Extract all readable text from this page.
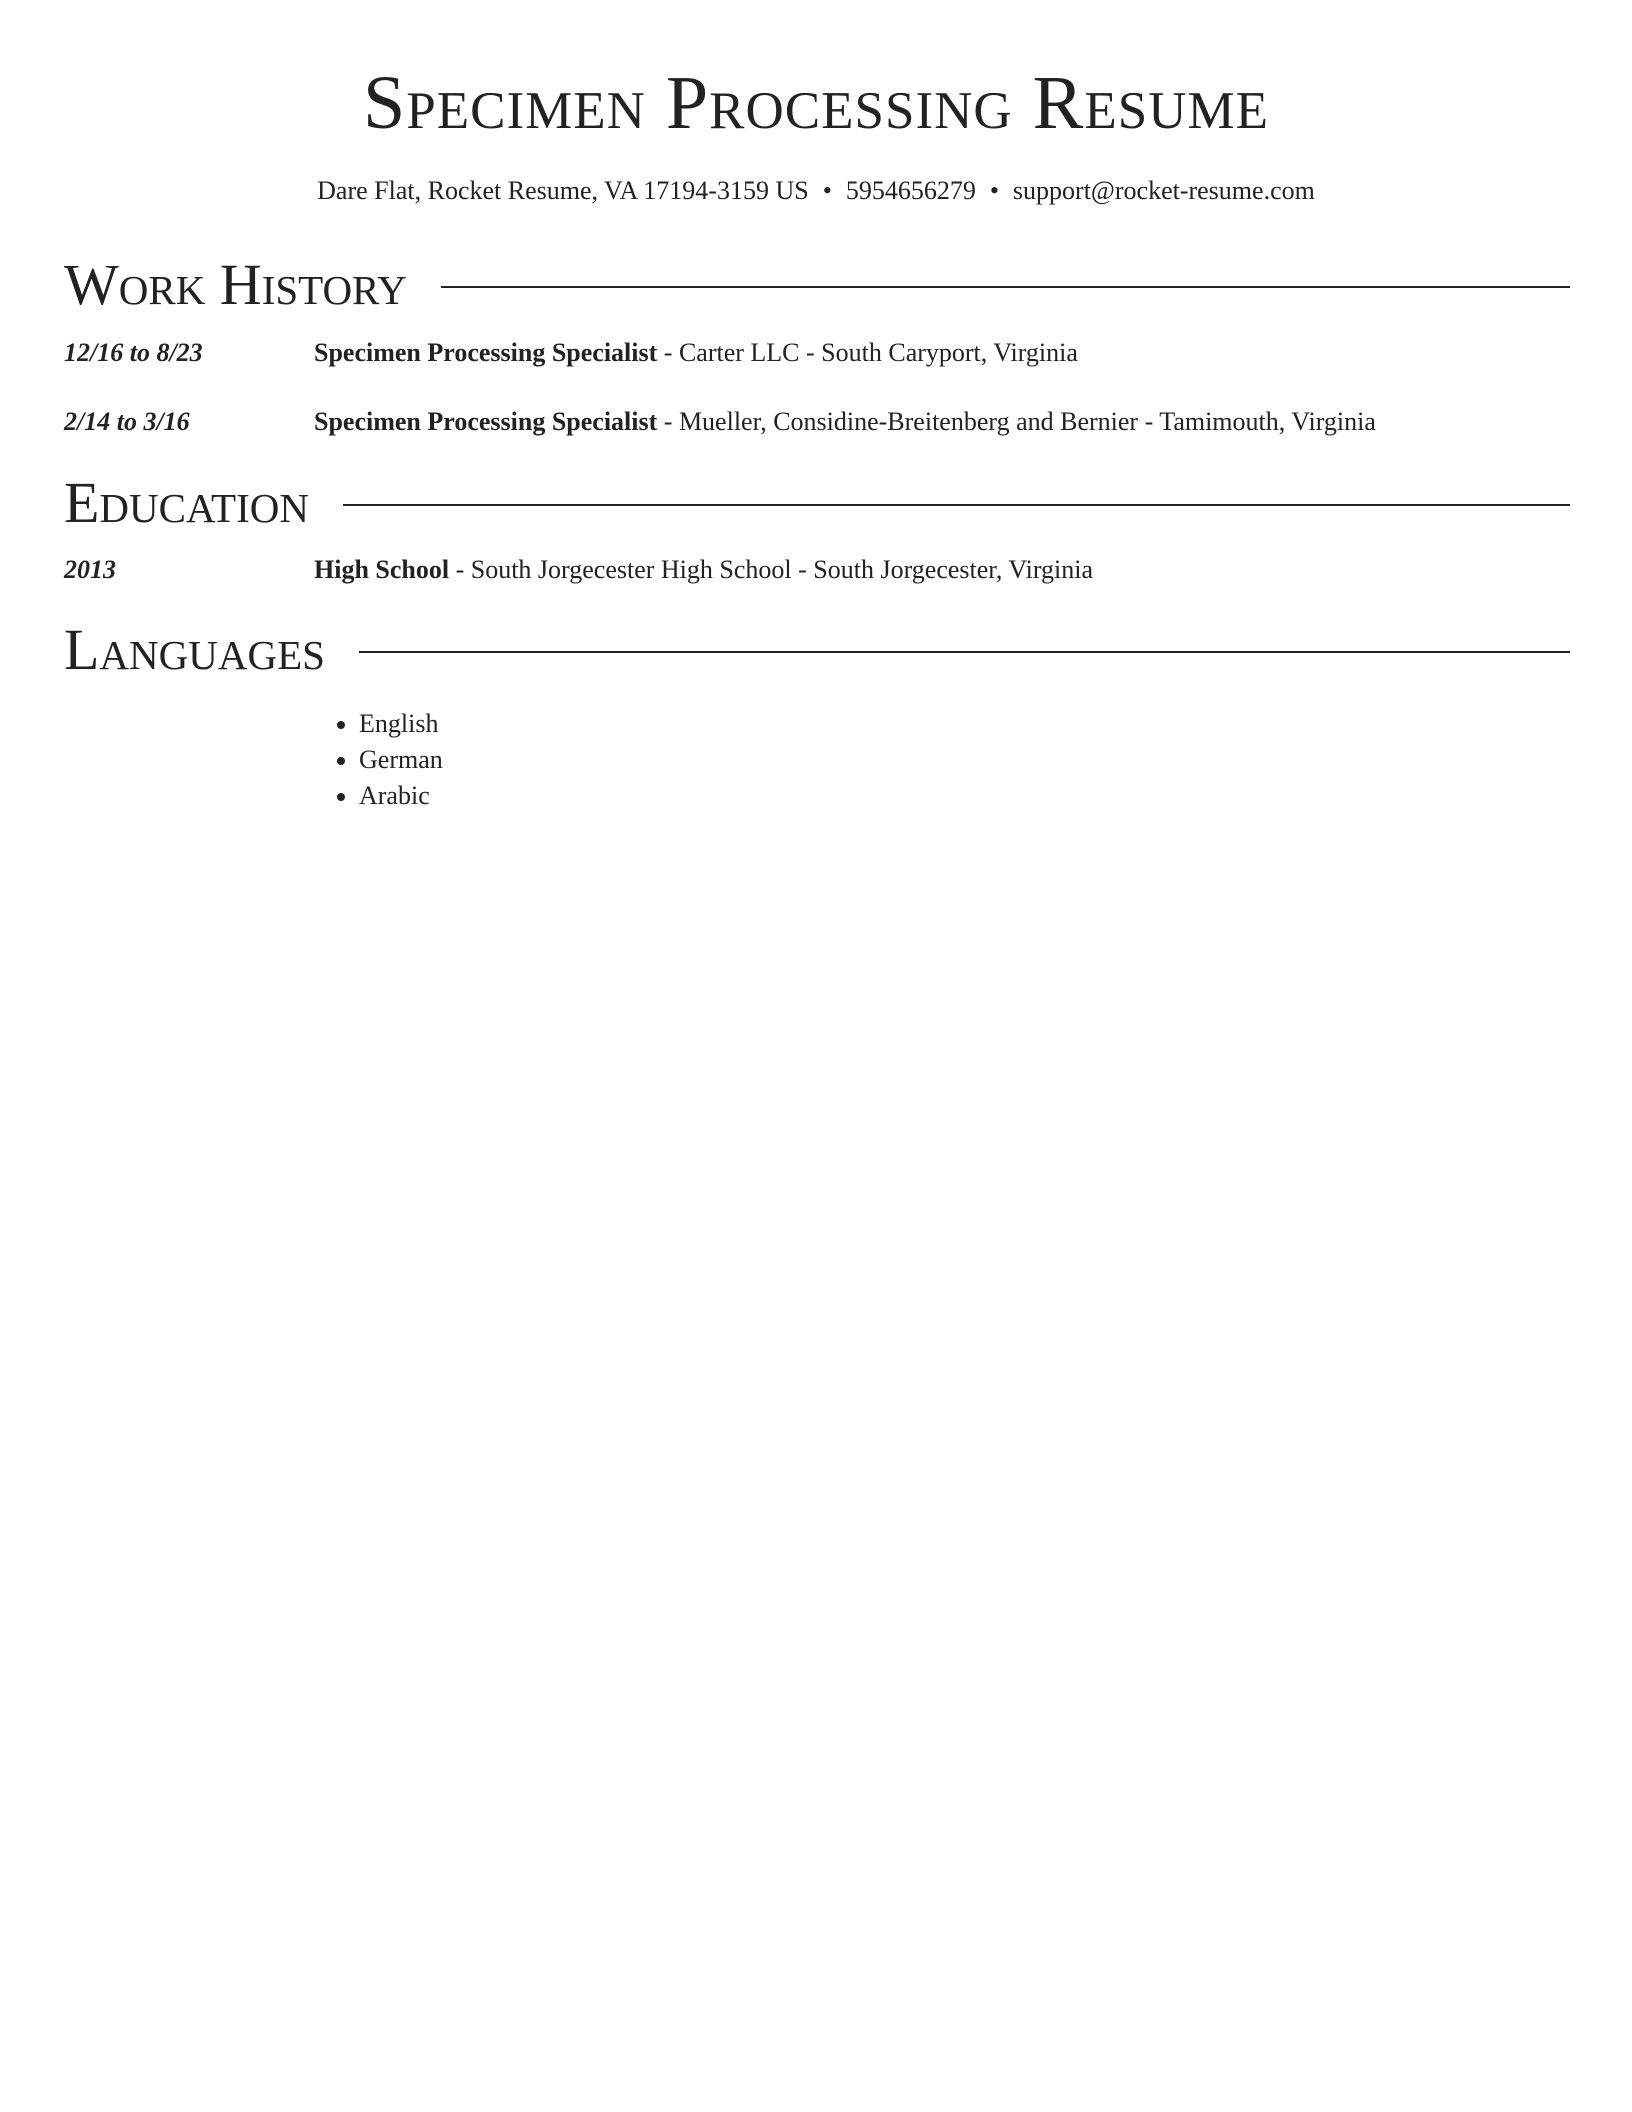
Specimen Processing Resume
Dare Flat, Rocket Resume, VA 17194-3159 US • 5954656279 • support@rocket-resume.com
Work History
12/16 to 8/23	Specimen Processing Specialist - Carter LLC - South Caryport, Virginia
2/14 to 3/16	Specimen Processing Specialist - Mueller, Considine-Breitenberg and Bernier - Tamimouth, Virginia
Education
2013	High School - South Jorgecester High School - South Jorgecester, Virginia
Languages
• English
• German
• Arabic
